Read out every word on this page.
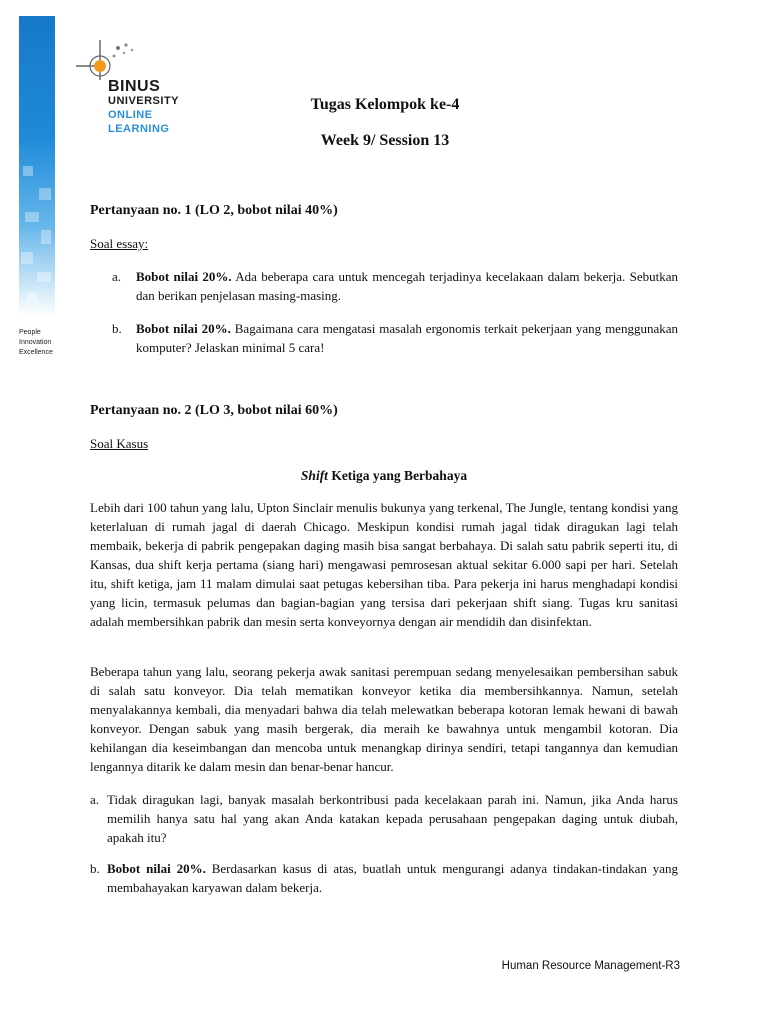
People
Innovation
Excellence
BINUS
UNIVERSITY
ONLINE
LEARNING
Tugas Kelompok ke-4
Week 9/ Session 13
Pertanyaan no. 1 (LO 2, bobot nilai 40%)
Soal essay:
a. Bobot nilai 20%. Ada beberapa cara untuk mencegah terjadinya kecelakaan dalam bekerja. Sebutkan dan berikan penjelasan masing-masing.
b. Bobot nilai 20%. Bagaimana cara mengatasi masalah ergonomis terkait pekerjaan yang menggunakan komputer? Jelaskan minimal 5 cara!
Pertanyaan no. 2 (LO 3, bobot nilai 60%)
Soal Kasus
Shift Ketiga yang Berbahaya
Lebih dari 100 tahun yang lalu, Upton Sinclair menulis bukunya yang terkenal, The Jungle, tentang kondisi yang keterlaluan di rumah jagal di daerah Chicago. Meskipun kondisi rumah jagal tidak diragukan lagi telah membaik, bekerja di pabrik pengepakan daging masih bisa sangat berbahaya. Di salah satu pabrik seperti itu, di Kansas, dua shift kerja pertama (siang hari) mengawasi pemrosesan aktual sekitar 6.000 sapi per hari. Setelah itu, shift ketiga, jam 11 malam dimulai saat petugas kebersihan tiba. Para pekerja ini harus menghadapi kondisi yang licin, termasuk pelumas dan bagian-bagian yang tersisa dari pekerjaan shift siang. Tugas kru sanitasi adalah membersihkan pabrik dan mesin serta konveyornya dengan air mendidih dan disinfektan.
Beberapa tahun yang lalu, seorang pekerja awak sanitasi perempuan sedang menyelesaikan pembersihan sabuk di salah satu konveyor. Dia telah mematikan konveyor ketika dia membersihkannya. Namun, setelah menyalakannya kembali, dia menyadari bahwa dia telah melewatkan beberapa kotoran lemak hewani di bawah konveyor. Dengan sabuk yang masih bergerak, dia meraih ke bawahnya untuk mengambil kotoran. Dia kehilangan dia keseimbangan dan mencoba untuk menangkap dirinya sendiri, tetapi tangannya dan kemudian lengannya ditarik ke dalam mesin dan benar-benar hancur.
a. Tidak diragukan lagi, banyak masalah berkontribusi pada kecelakaan parah ini. Namun, jika Anda harus memilih hanya satu hal yang akan Anda katakan kepada perusahaan pengepakan daging untuk diubah, apakah itu?
b. Bobot nilai 20%. Berdasarkan kasus di atas, buatlah untuk mengurangi adanya tindakan-tindakan yang membahayakan karyawan dalam bekerja.
Human Resource Management-R3
